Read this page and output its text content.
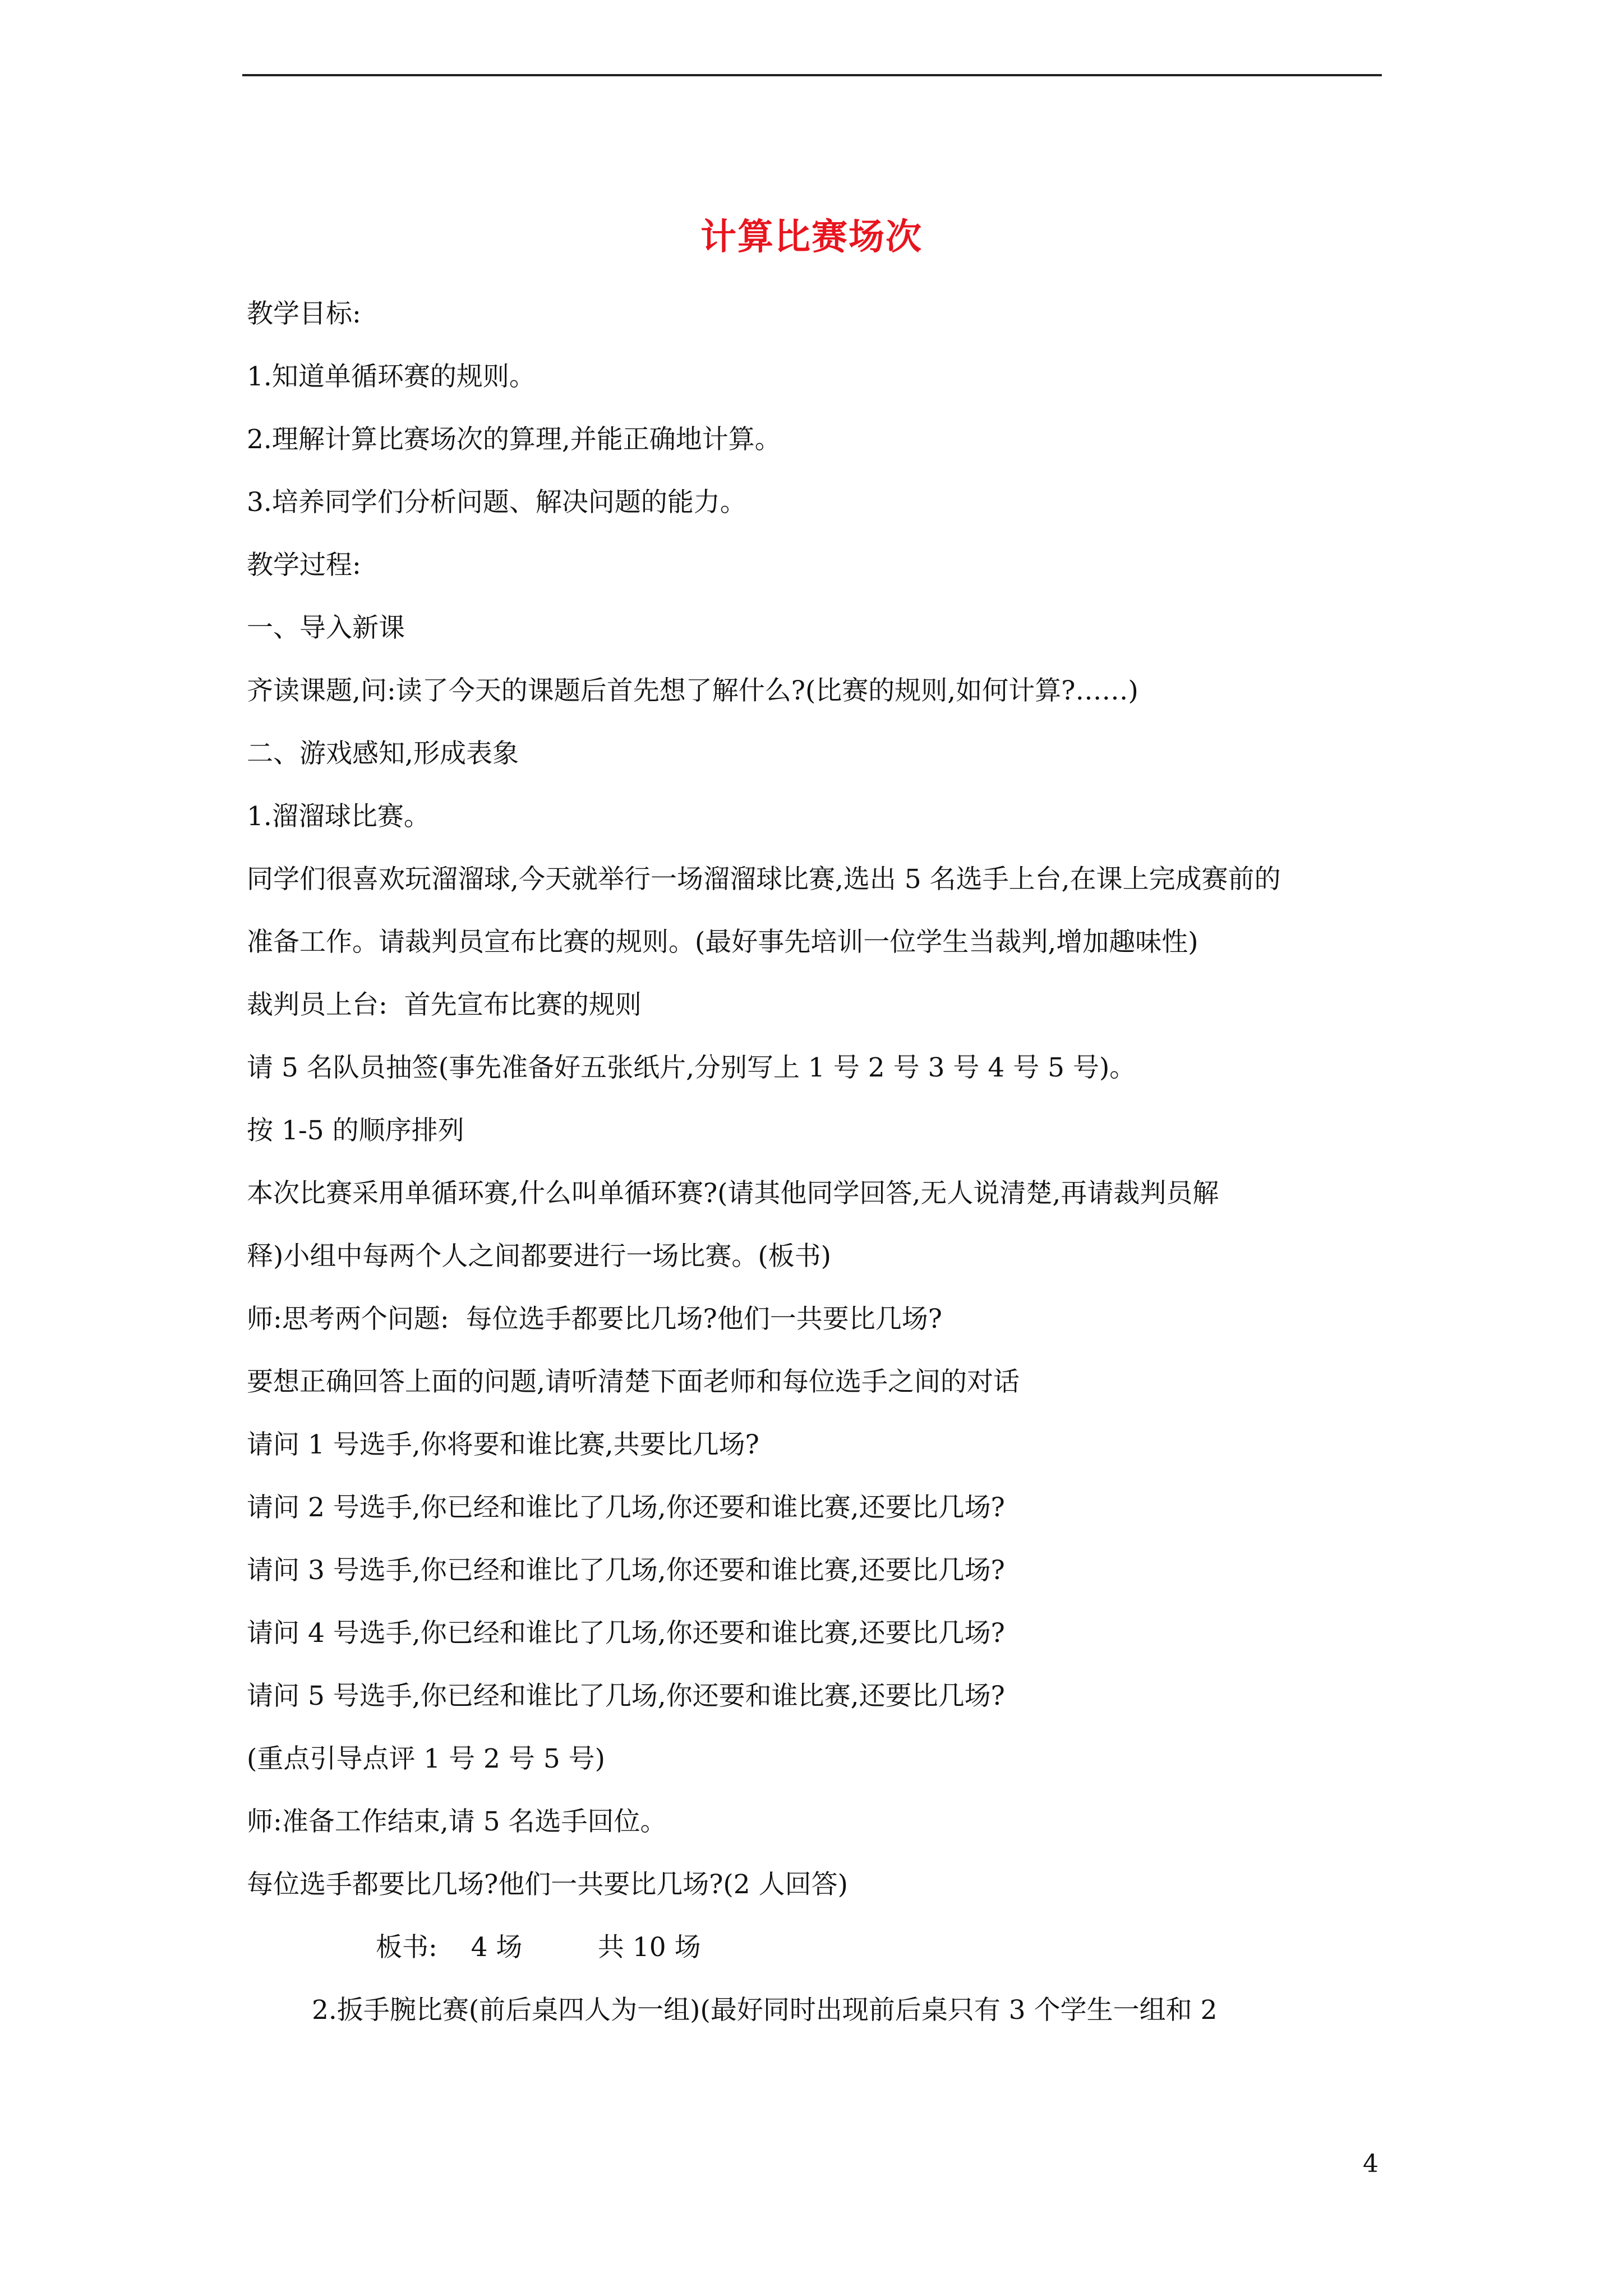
计算比赛场次
教学目标:
1.知道单循环赛的规则。
2.理解计算比赛场次的算理,并能正确地计算。
3.培养同学们分析问题、解决问题的能力。
教学过程:
一、导入新课
齐读课题,问:读了今天的课题后首先想了解什么?(比赛的规则,如何计算?……)
二、游戏感知,形成表象
1.溜溜球比赛。
同学们很喜欢玩溜溜球,今天就举行一场溜溜球比赛,选出 5 名选手上台,在课上完成赛前的
准备工作。请裁判员宣布比赛的规则。(最好事先培训一位学生当裁判,增加趣味性)
裁判员上台:  首先宣布比赛的规则
请 5 名队员抽签(事先准备好五张纸片,分别写上 1 号 2 号 3 号 4 号 5 号)。
按 1-5 的顺序排列
本次比赛采用单循环赛,什么叫单循环赛?(请其他同学回答,无人说清楚,再请裁判员解
释)小组中每两个人之间都要进行一场比赛。(板书)
师:思考两个问题:  每位选手都要比几场?他们一共要比几场?
要想正确回答上面的问题,请听清楚下面老师和每位选手之间的对话
请问 1 号选手,你将要和谁比赛,共要比几场?
请问 2 号选手,你已经和谁比了几场,你还要和谁比赛,还要比几场?
请问 3 号选手,你已经和谁比了几场,你还要和谁比赛,还要比几场?
请问 4 号选手,你已经和谁比了几场,你还要和谁比赛,还要比几场?
请问 5 号选手,你已经和谁比了几场,你还要和谁比赛,还要比几场?
(重点引导点评 1 号 2 号 5 号)
师:准备工作结束,请 5 名选手回位。
每位选手都要比几场?他们一共要比几场?(2 人回答)
板书:    4 场         共 10 场
2.扳手腕比赛(前后桌四人为一组)(最好同时出现前后桌只有 3 个学生一组和 2
4
